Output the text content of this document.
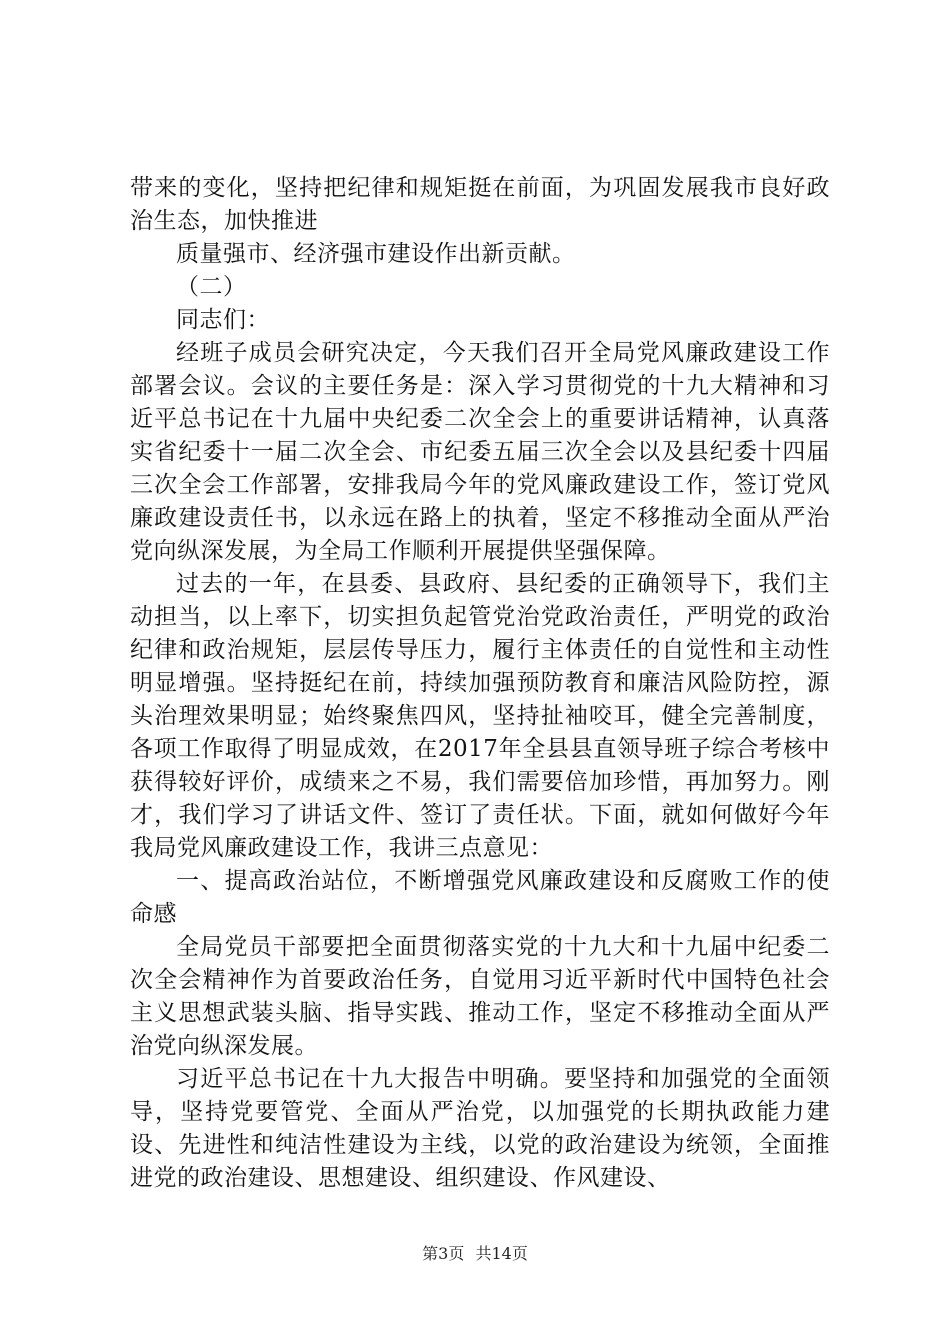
带来的变化，坚持把纪律和规矩挺在前面，为巩固发展我市良好政治生态，加快推进

质量强市、经济强市建设作出新贡献。

（二）

同志们：

经班子成员会研究决定，今天我们召开全局党风廉政建设工作部署会议。会议的主要任务是：深入学习贯彻党的十九大精神和习近平总书记在十九届中央纪委二次全会上的重要讲话精神，认真落实省纪委十一届二次全会、市纪委五届三次全会以及县纪委十四届三次全会工作部署，安排我局今年的党风廉政建设工作，签订党风廉政建设责任书，以永远在路上的执着，坚定不移推动全面从严治党向纵深发展，为全局工作顺利开展提供坚强保障。

过去的一年，在县委、县政府、县纪委的正确领导下，我们主动担当，以上率下，切实担负起管党治党政治责任，严明党的政治纪律和政治规矩，层层传导压力，履行主体责任的自觉性和主动性明显增强。坚持挺纪在前，持续加强预防教育和廉洁风险防控，源头治理效果明显；始终聚焦四风，坚持扯袖咬耳，健全完善制度，各项工作取得了明显成效，在2017年全县县直领导班子综合考核中获得较好评价，成绩来之不易，我们需要倍加珍惜，再加努力。刚才，我们学习了讲话文件、签订了责任状。下面，就如何做好今年我局党风廉政建设工作，我讲三点意见：

一、提高政治站位，不断增强党风廉政建设和反腐败工作的使命感

全局党员干部要把全面贯彻落实党的十九大和十九届中纪委二次全会精神作为首要政治任务，自觉用习近平新时代中国特色社会主义思想武装头脑、指导实践、推动工作，坚定不移推动全面从严治党向纵深发展。

习近平总书记在十九大报告中明确。要坚持和加强党的全面领导，坚持党要管党、全面从严治党，以加强党的长期执政能力建设、先进性和纯洁性建设为主线，以党的政治建设为统领，全面推进党的政治建设、思想建设、组织建设、作风建设、

第3页 共14页
